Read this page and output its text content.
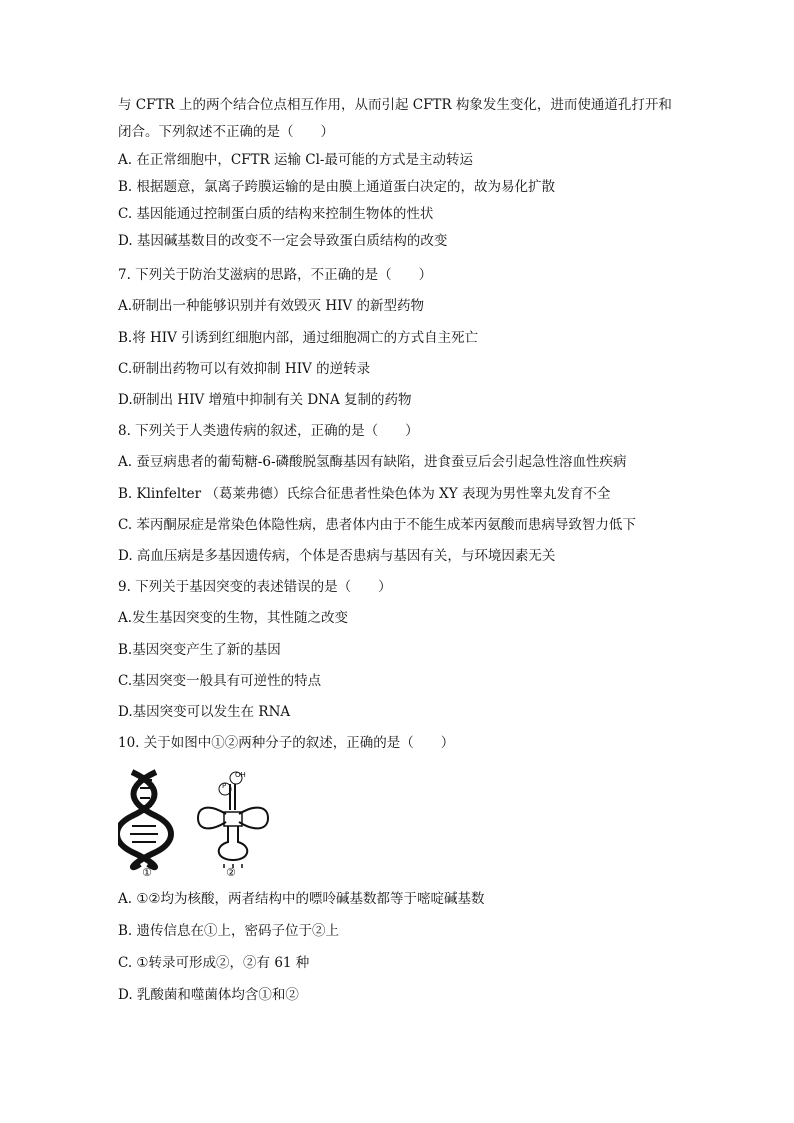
与 CFTR 上的两个结合位点相互作用，从而引起 CFTR 构象发生变化，进而使通道孔打开和
闭合。下列叙述不正确的是（　　）
A. 在正常细胞中，CFTR 运输 Cl-最可能的方式是主动转运
B. 根据题意，氯离子跨膜运输的是由膜上通道蛋白决定的，故为易化扩散
C. 基因能通过控制蛋白质的结构来控制生物体的性状
D. 基因碱基数目的改变不一定会导致蛋白质结构的改变
7. 下列关于防治艾滋病的思路，不正确的是（　　）
A.研制出一种能够识别并有效毁灭 HIV 的新型药物
B.将 HIV 引诱到红细胞内部，通过细胞凋亡的方式自主死亡
C.研制出药物可以有效抑制 HIV 的逆转录
D.研制出 HIV 增殖中抑制有关 DNA 复制的药物
8. 下列关于人类遗传病的叙述，正确的是（　　）
A. 蚕豆病患者的葡萄糖-6-磷酸脱氢酶基因有缺陷，进食蚕豆后会引起急性溶血性疾病
B. Klinfelter （葛莱弗德）氏综合征患者性染色体为 XY 表现为男性睾丸发育不全
C. 苯丙酮尿症是常染色体隐性病，患者体内由于不能生成苯丙氨酸而患病导致智力低下
D. 高血压病是多基因遗传病，个体是否患病与基因有关，与环境因素无关
9. 下列关于基因突变的表述错误的是（　　）
A.发生基因突变的生物，其性随之改变
B.基因突变产生了新的基因
C.基因突变一般具有可逆性的特点
D.基因突变可以发生在 RNA
10. 关于如图中①②两种分子的叙述，正确的是（　　）
OH
P
①	②
A. ①②均为核酸，两者结构中的嘌呤碱基数都等于嘧啶碱基数
B. 遗传信息在①上，密码子位于②上
C. ①转录可形成②，②有 61 种
D. 乳酸菌和噬菌体均含①和②
